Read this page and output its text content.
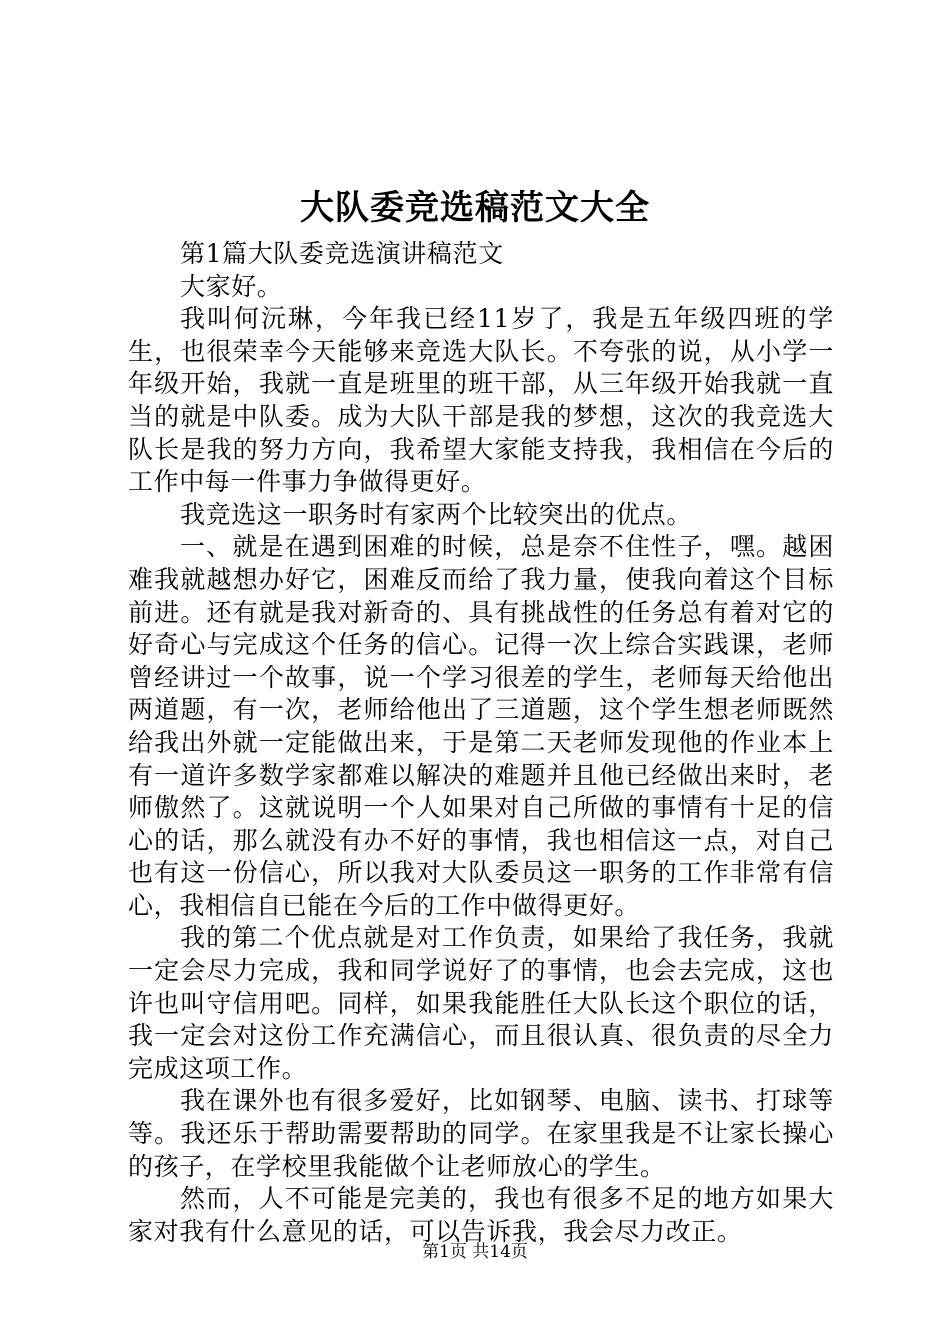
大队委竞选稿范文大全

第1篇大队委竞选演讲稿范文

大家好。

我叫何沅琳，今年我已经11岁了，我是五年级四班的学生，也很荣幸今天能够来竞选大队长。不夸张的说，从小学一年级开始，我就一直是班里的班干部，从三年级开始我就一直当的就是中队委。成为大队干部是我的梦想，这次的我竞选大队长是我的努力方向，我希望大家能支持我，我相信在今后的工作中每一件事力争做得更好。

我竞选这一职务时有家两个比较突出的优点。

一、就是在遇到困难的时候，总是奈不住性子，嘿。越困难我就越想办好它，困难反而给了我力量，使我向着这个目标前进。还有就是我对新奇的、具有挑战性的任务总有着对它的好奇心与完成这个任务的信心。记得一次上综合实践课，老师曾经讲过一个故事，说一个学习很差的学生，老师每天给他出两道题，有一次，老师给他出了三道题，这个学生想老师既然给我出外就一定能做出来，于是第二天老师发现他的作业本上有一道许多数学家都难以解决的难题并且他已经做出来时，老师傲然了。这就说明一个人如果对自己所做的事情有十足的信心的话，那么就没有办不好的事情，我也相信这一点，对自己也有这一份信心，所以我对大队委员这一职务的工作非常有信心，我相信自已能在今后的工作中做得更好。

我的第二个优点就是对工作负责，如果给了我任务，我就一定会尽力完成，我和同学说好了的事情，也会去完成，这也许也叫守信用吧。同样，如果我能胜任大队长这个职位的话，我一定会对这份工作充满信心，而且很认真、很负责的尽全力完成这项工作。

我在课外也有很多爱好，比如钢琴、电脑、读书、打球等等。我还乐于帮助需要帮助的同学。在家里我是不让家长操心的孩子，在学校里我能做个让老师放心的学生。

然而，人不可能是完美的，我也有很多不足的地方如果大家对我有什么意见的话，可以告诉我，我会尽力改正。

第1页 共14页
